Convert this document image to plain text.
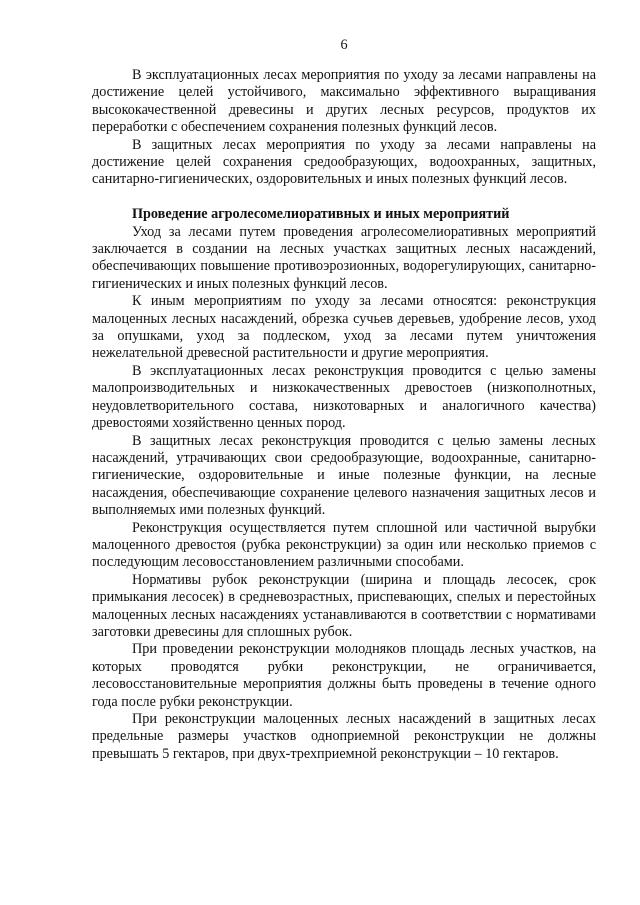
6

В эксплуатационных лесах мероприятия по уходу за лесами направлены на достижение целей устойчивого, максимально эффективного выращивания высококачественной древесины и других лесных ресурсов, продуктов их переработки с обеспечением сохранения полезных функций лесов.

В защитных лесах мероприятия по уходу за лесами направлены на достижение целей сохранения средообразующих, водоохранных, защитных, санитарно-гигиенических, оздоровительных и иных полезных функций лесов.

Проведение агролесомелиоративных и иных мероприятий

Уход за лесами путем проведения агролесомелиоративных мероприятий заключается в создании на лесных участках защитных лесных насаждений, обеспечивающих повышение противоэрозионных, водорегулирующих, санитарно-гигиенических и иных полезных функций лесов.

К иным мероприятиям по уходу за лесами относятся: реконструкция малоценных лесных насаждений, обрезка сучьев деревьев, удобрение лесов, уход за опушками, уход за подлеском, уход за лесами путем уничтожения нежелательной древесной растительности и другие мероприятия.

В эксплуатационных лесах реконструкция проводится с целью замены малопроизводительных и низкокачественных древостоев (низкополнотных, неудовлетворительного состава, низкотоварных и аналогичного качества) древостоями хозяйственно ценных пород.

В защитных лесах реконструкция проводится с целью замены лесных насаждений, утрачивающих свои средообразующие, водоохранные, санитарно-гигиенические, оздоровительные и иные полезные функции, на лесные насаждения, обеспечивающие сохранение целевого назначения защитных лесов и выполняемых ими полезных функций.

Реконструкция осуществляется путем сплошной или частичной вырубки малоценного древостоя (рубка реконструкции) за один или несколько приемов с последующим лесовосстановлением различными способами.

Нормативы рубок реконструкции (ширина и площадь лесосек, срок примыкания лесосек) в средневозрастных, приспевающих, спелых и перестойных малоценных лесных насаждениях устанавливаются в соответствии с нормативами заготовки древесины для сплошных рубок.

При проведении реконструкции молодняков площадь лесных участков, на которых проводятся рубки реконструкции, не ограничивается, лесовосстановительные мероприятия должны быть проведены в течение одного года после рубки реконструкции.

При реконструкции малоценных лесных насаждений в защитных лесах предельные размеры участков одноприемной реконструкции не должны превышать 5 гектаров, при двух-трехприемной реконструкции – 10 гектаров.
